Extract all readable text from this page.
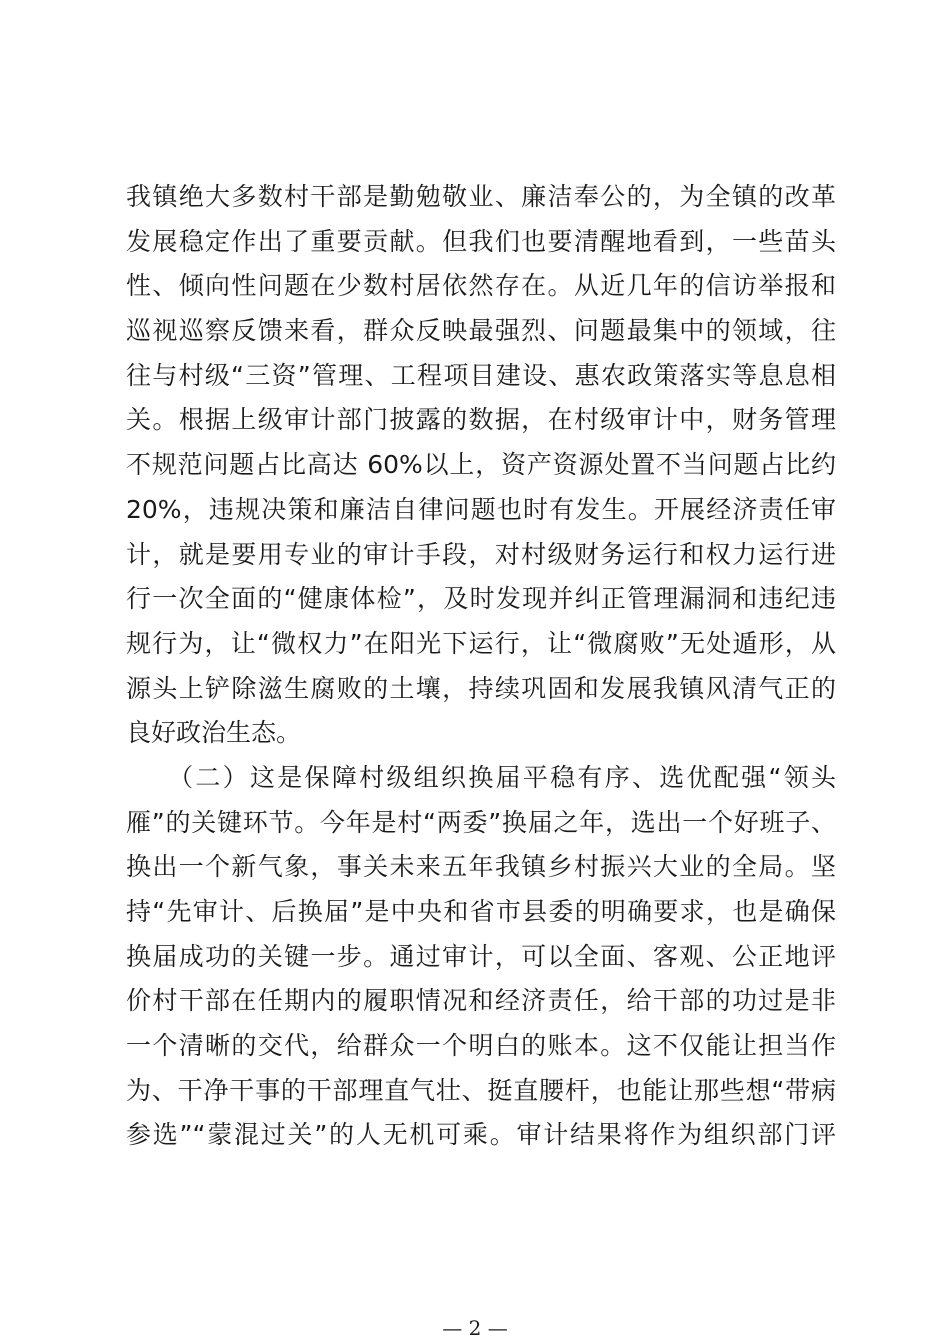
我镇绝大多数村干部是勤勉敬业、廉洁奉公的，为全镇的改革
发展稳定作出了重要贡献。但我们也要清醒地看到，一些苗头
性、倾向性问题在少数村居依然存在。从近几年的信访举报和
巡视巡察反馈来看，群众反映最强烈、问题最集中的领域，往
往与村级“三资”管理、工程项目建设、惠农政策落实等息息相
关。根据上级审计部门披露的数据，在村级审计中，财务管理
不规范问题占比高达 60%以上，资产资源处置不当问题占比约
20%，违规决策和廉洁自律问题也时有发生。开展经济责任审
计，就是要用专业的审计手段，对村级财务运行和权力运行进
行一次全面的“健康体检”，及时发现并纠正管理漏洞和违纪违
规行为，让“微权力”在阳光下运行，让“微腐败”无处遁形，从
源头上铲除滋生腐败的土壤，持续巩固和发展我镇风清气正的
良好政治生态。
　　（二）这是保障村级组织换届平稳有序、选优配强“领头
雁”的关键环节。今年是村“两委”换届之年，选出一个好班子、
换出一个新气象，事关未来五年我镇乡村振兴大业的全局。坚
持“先审计、后换届”是中央和省市县委的明确要求，也是确保
换届成功的关键一步。通过审计，可以全面、客观、公正地评
价村干部在任期内的履职情况和经济责任，给干部的功过是非
一个清晰的交代，给群众一个明白的账本。这不仅能让担当作
为、干净干事的干部理直气壮、挺直腰杆，也能让那些想“带病
参选”“蒙混过关”的人无机可乘。审计结果将作为组织部门评
— 2 —
